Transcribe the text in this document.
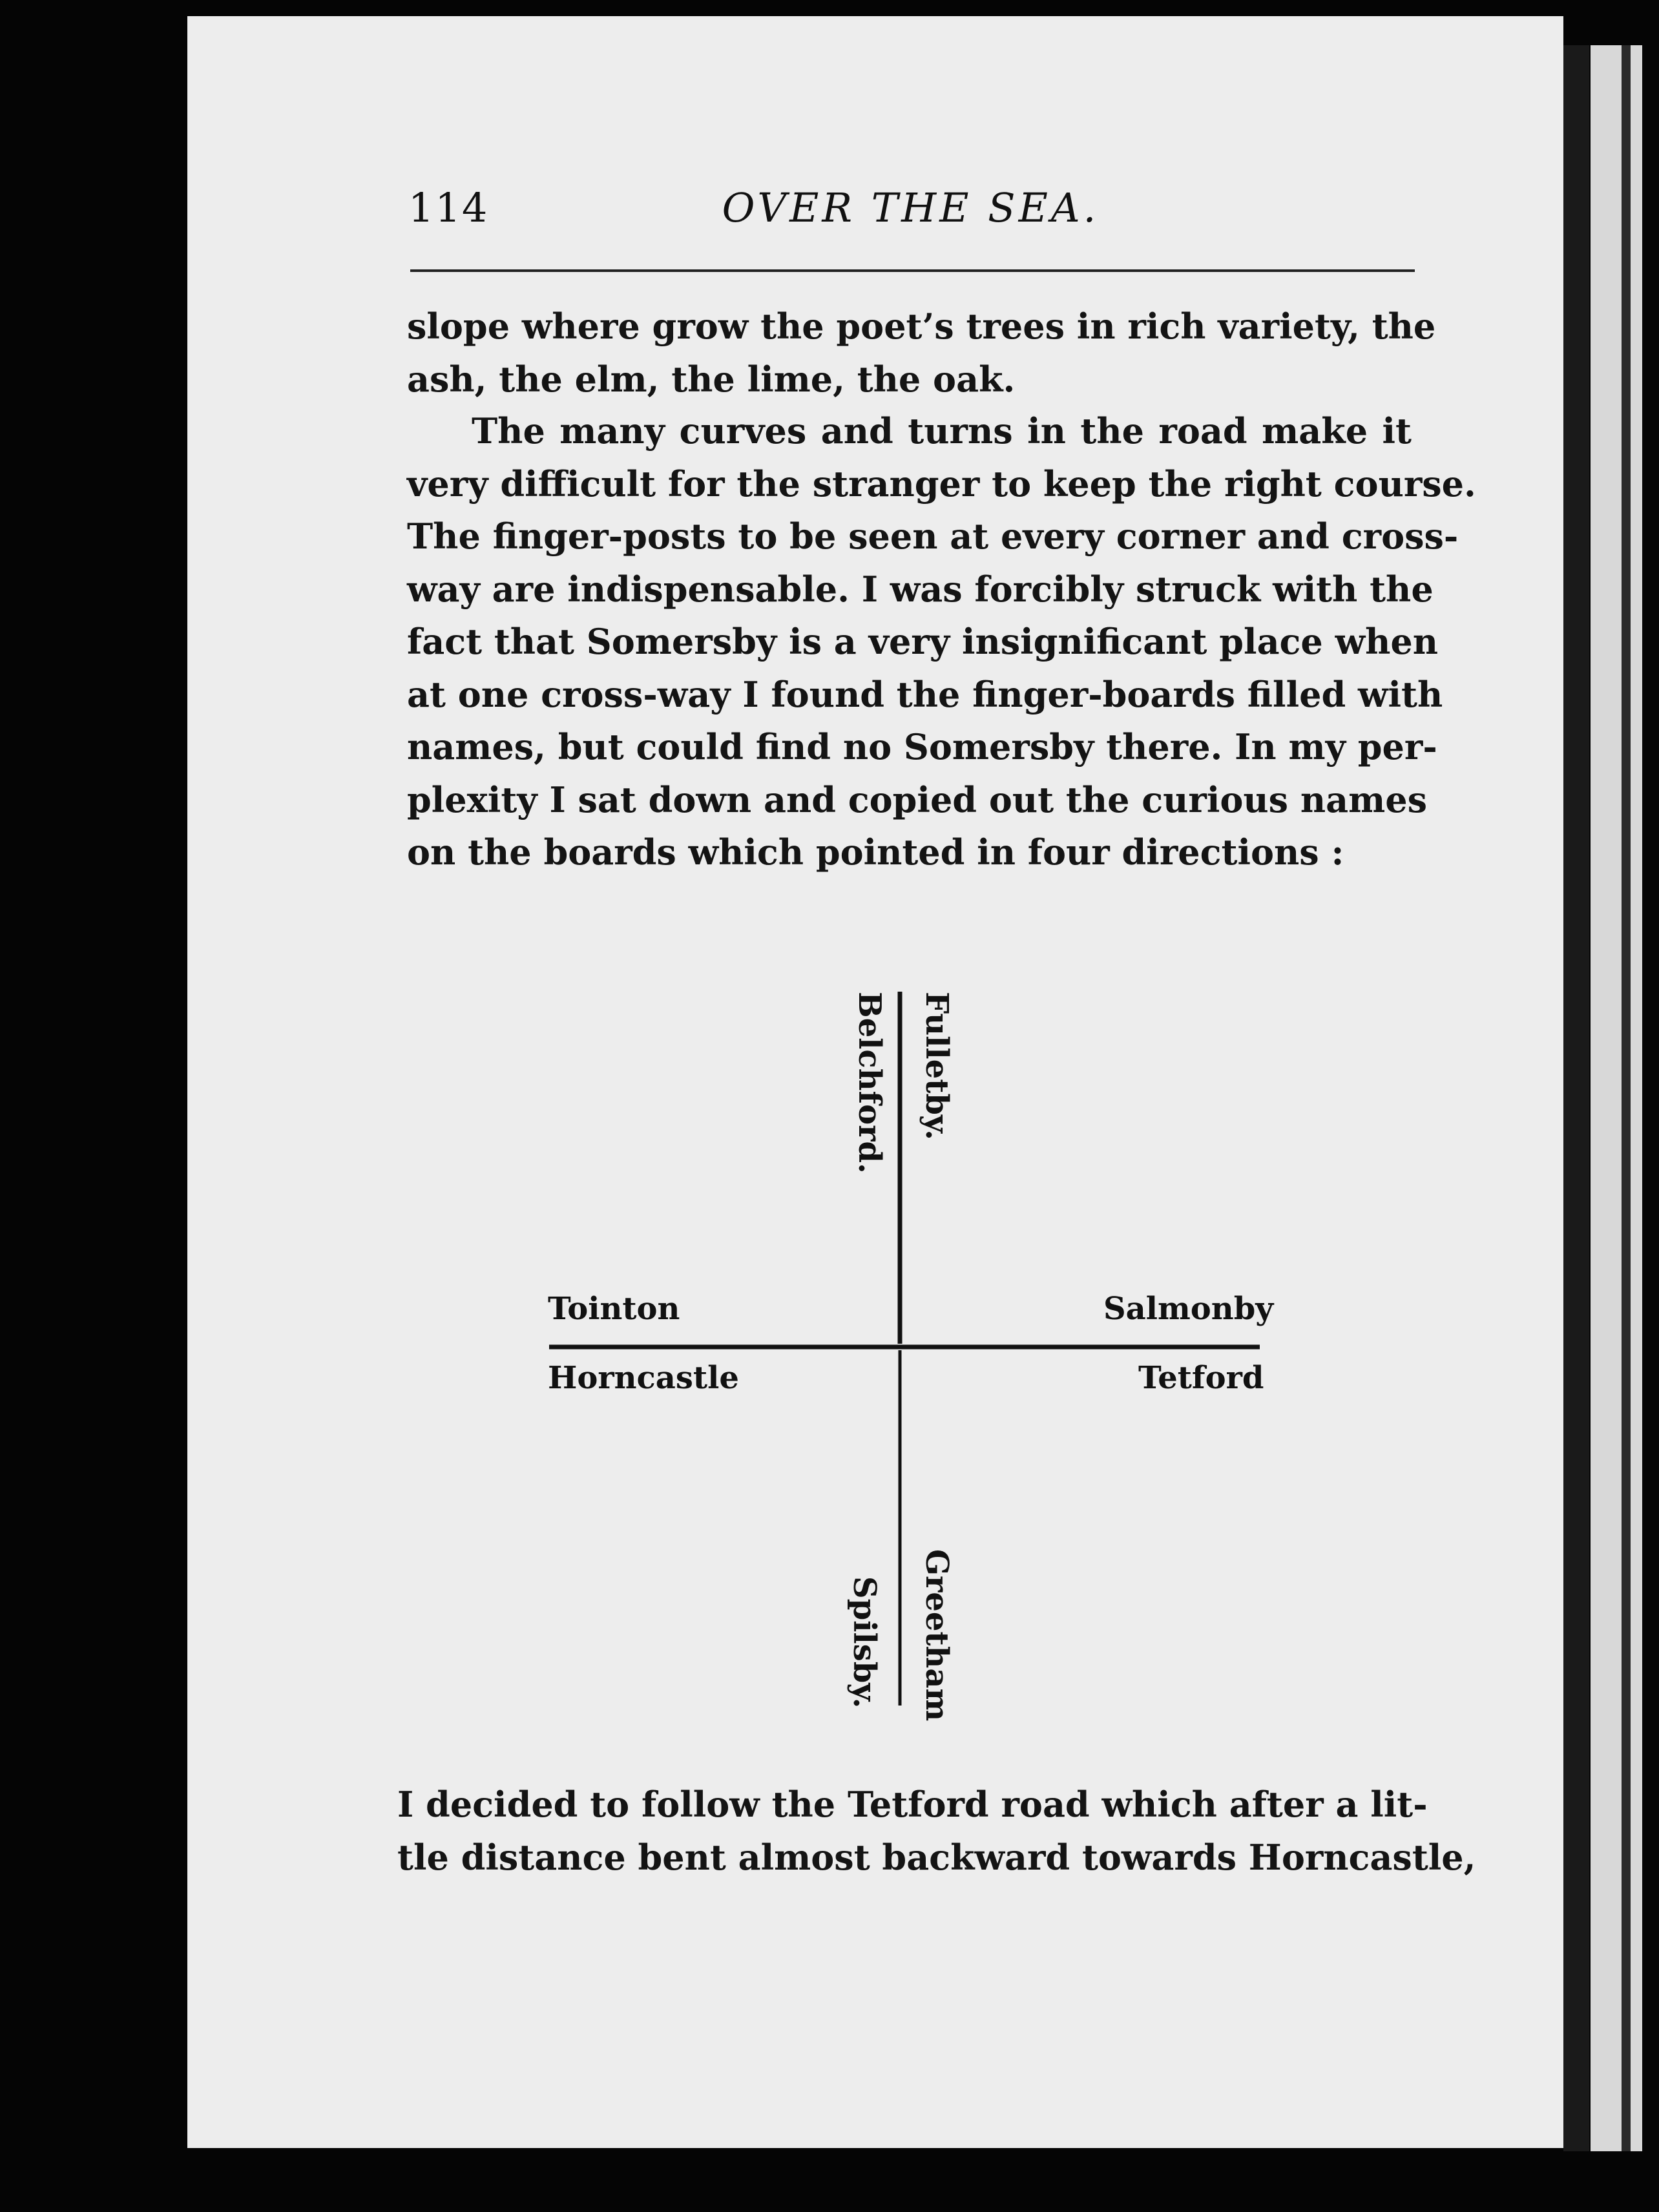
114	OVER THE SEA.
slope where grow the poet’s trees in rich variety, the
ash, the elm, the lime, the oak.
The many curves and turns in the road make it
very difficult for the stranger to keep the right course.
The finger-posts to be seen at every corner and cross-
way are indispensable. I was forcibly struck with the
fact that Somersby is a very insignificant place when
at one cross-way I found the finger-boards filled with
names, but could find no Somersby there. In my per-
plexity I sat down and copied out the curious names
on the boards which pointed in four directions :
Fulletby.
Belchford.
Tointon
Horncastle
Salmonby
Tetford
Greetham
Spilsby.
I decided to follow the Tetford road which after a lit-
tle distance bent almost backward towards Horncastle,
